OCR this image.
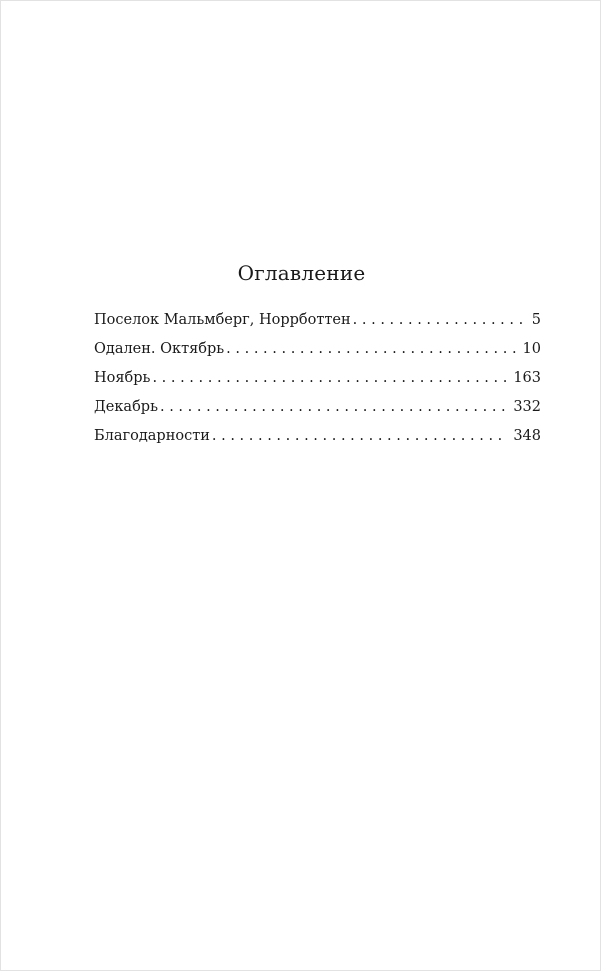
Оглавление
Поселок Мальмберг, Норрботтен . . .	5
Одален. Октябрь . . .	10
Ноябрь . . .	163
Декабрь . . .	332
Благодарности . . .	348
